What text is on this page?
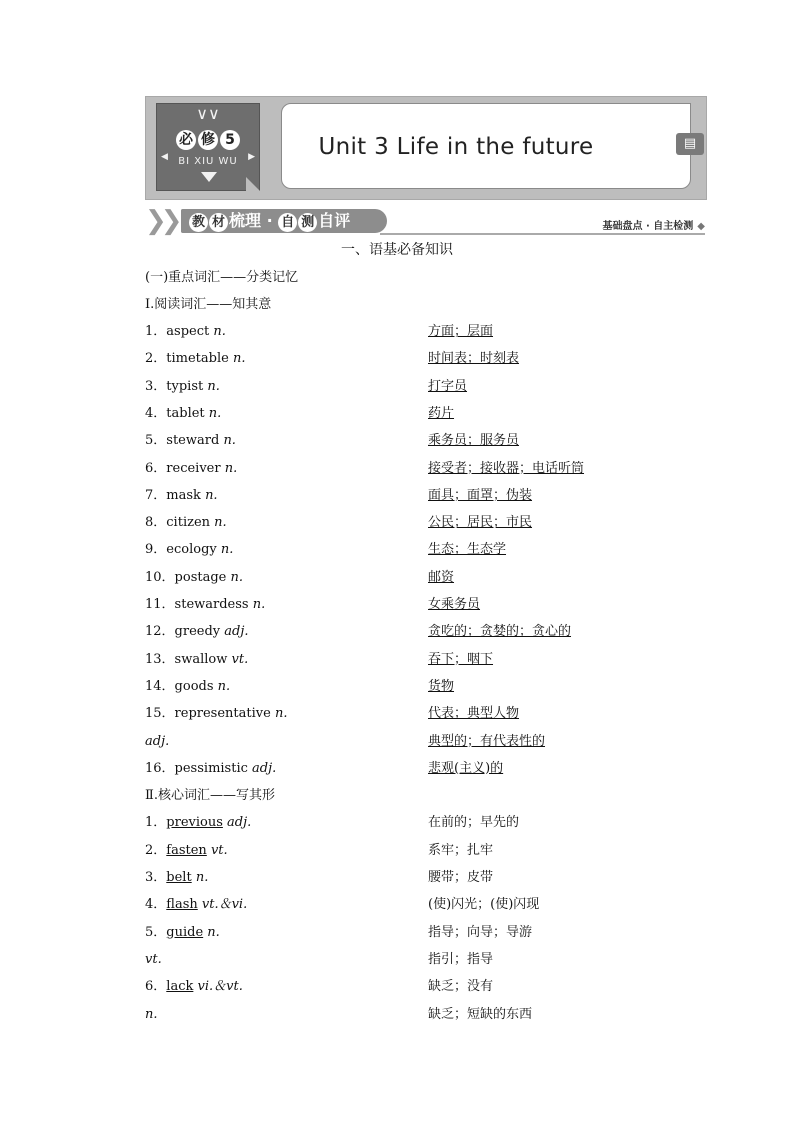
∨∨
必 修 5
◀	▶
BI XIU WU
Unit 3 Life in the future	▤
❯❯ 教 材 梳理 · 自 测 自评	基础盘点 · 自主检测 ◆
一、语基必备知识
(一)重点词汇——分类记忆
Ⅰ.阅读词汇——知其意
1．aspect n.	方面；层面
2．timetable n.	时间表；时刻表
3．typist n.	打字员
4．tablet n.	药片
5．steward n.	乘务员；服务员
6．receiver n.	接受者；接收器；电话听筒
7．mask n.	面具；面罩；伪装
8．citizen n.	公民；居民；市民
9．ecology n.	生态；生态学
10．postage n.	邮资
11．stewardess n.	女乘务员
12．greedy adj.	贪吃的；贪婪的；贪心的
13．swallow vt.	吞下；咽下
14．goods n.	货物
15．representative n.	代表；典型人物
adj.	典型的；有代表性的
16．pessimistic adj.	悲观(主义)的
Ⅱ.核心词汇——写其形
1．previous adj.	在前的；早先的
2．fasten vt.	系牢；扎牢
3．belt n.	腰带；皮带
4．flash vt.＆vi.	(使)闪光；(使)闪现
5．guide n.	指导；向导；导游
vt.	指引；指导
6．lack vi.＆vt.	缺乏；没有
n.	缺乏；短缺的东西
